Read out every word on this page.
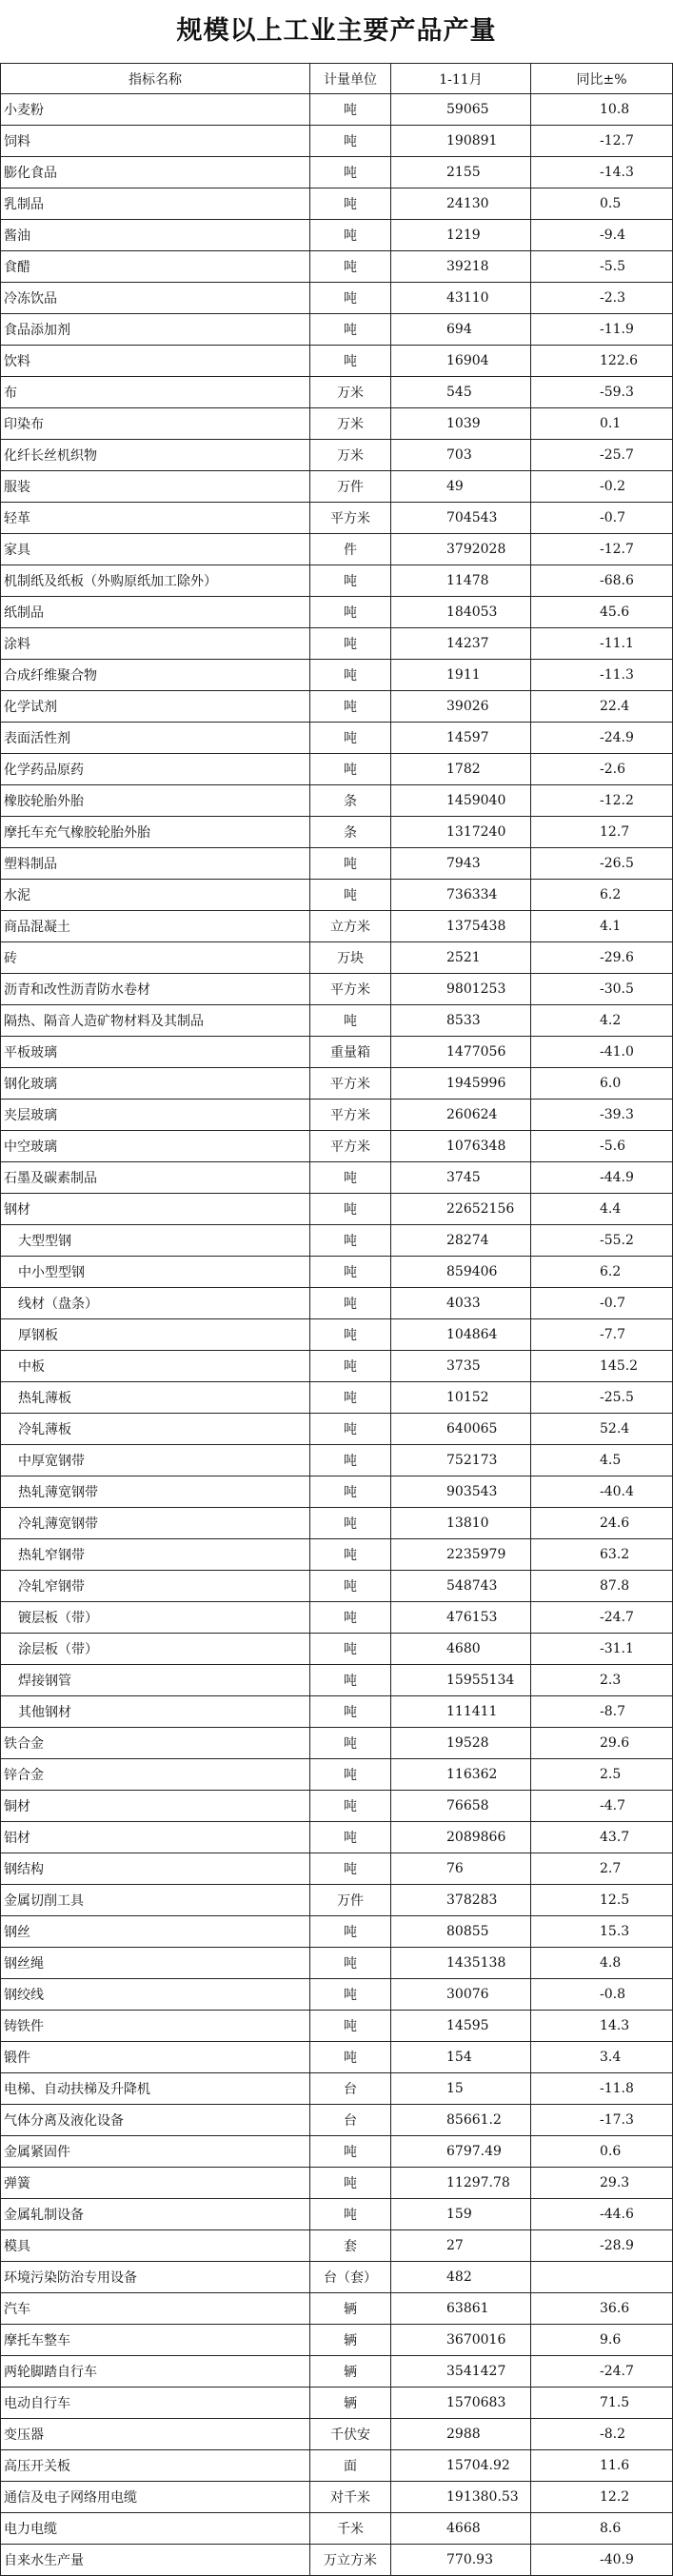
规模以上工业主要产品产量
指标名称	计量单位	1-11月	同比±%
小麦粉	吨	59065	10.8
饲料	吨	190891	-12.7
膨化食品	吨	2155	-14.3
乳制品	吨	24130	0.5
酱油	吨	1219	-9.4
食醋	吨	39218	-5.5
冷冻饮品	吨	43110	-2.3
食品添加剂	吨	694	-11.9
饮料	吨	16904	122.6
布	万米	545	-59.3
印染布	万米	1039	0.1
化纤长丝机织物	万米	703	-25.7
服装	万件	49	-0.2
轻革	平方米	704543	-0.7
家具	件	3792028	-12.7
机制纸及纸板（外购原纸加工除外）	吨	11478	-68.6
纸制品	吨	184053	45.6
涂料	吨	14237	-11.1
合成纤维聚合物	吨	1911	-11.3
化学试剂	吨	39026	22.4
表面活性剂	吨	14597	-24.9
化学药品原药	吨	1782	-2.6
橡胶轮胎外胎	条	1459040	-12.2
摩托车充气橡胶轮胎外胎	条	1317240	12.7
塑料制品	吨	7943	-26.5
水泥	吨	736334	6.2
商品混凝土	立方米	1375438	4.1
砖	万块	2521	-29.6
沥青和改性沥青防水卷材	平方米	9801253	-30.5
隔热、隔音人造矿物材料及其制品	吨	8533	4.2
平板玻璃	重量箱	1477056	-41.0
钢化玻璃	平方米	1945996	6.0
夹层玻璃	平方米	260624	-39.3
中空玻璃	平方米	1076348	-5.6
石墨及碳素制品	吨	3745	-44.9
钢材	吨	22652156	4.4
大型型钢	吨	28274	-55.2
中小型型钢	吨	859406	6.2
线材（盘条）	吨	4033	-0.7
厚钢板	吨	104864	-7.7
中板	吨	3735	145.2
热轧薄板	吨	10152	-25.5
冷轧薄板	吨	640065	52.4
中厚宽钢带	吨	752173	4.5
热轧薄宽钢带	吨	903543	-40.4
冷轧薄宽钢带	吨	13810	24.6
热轧窄钢带	吨	2235979	63.2
冷轧窄钢带	吨	548743	87.8
镀层板（带）	吨	476153	-24.7
涂层板（带）	吨	4680	-31.1
焊接钢管	吨	15955134	2.3
其他钢材	吨	111411	-8.7
铁合金	吨	19528	29.6
锌合金	吨	116362	2.5
铜材	吨	76658	-4.7
铝材	吨	2089866	43.7
钢结构	吨	76	2.7
金属切削工具	万件	378283	12.5
钢丝	吨	80855	15.3
钢丝绳	吨	1435138	4.8
钢绞线	吨	30076	-0.8
铸铁件	吨	14595	14.3
锻件	吨	154	3.4
电梯、自动扶梯及升降机	台	15	-11.8
气体分离及液化设备	台	85661.2	-17.3
金属紧固件	吨	6797.49	0.6
弹簧	吨	11297.78	29.3
金属轧制设备	吨	159	-44.6
模具	套	27	-28.9
环境污染防治专用设备	台（套）	482	
汽车	辆	63861	36.6
摩托车整车	辆	3670016	9.6
两轮脚踏自行车	辆	3541427	-24.7
电动自行车	辆	1570683	71.5
变压器	千伏安	2988	-8.2
高压开关板	面	15704.92	11.6
通信及电子网络用电缆	对千米	191380.53	12.2
电力电缆	千米	4668	8.6
自来水生产量	万立方米	770.93	-40.9
